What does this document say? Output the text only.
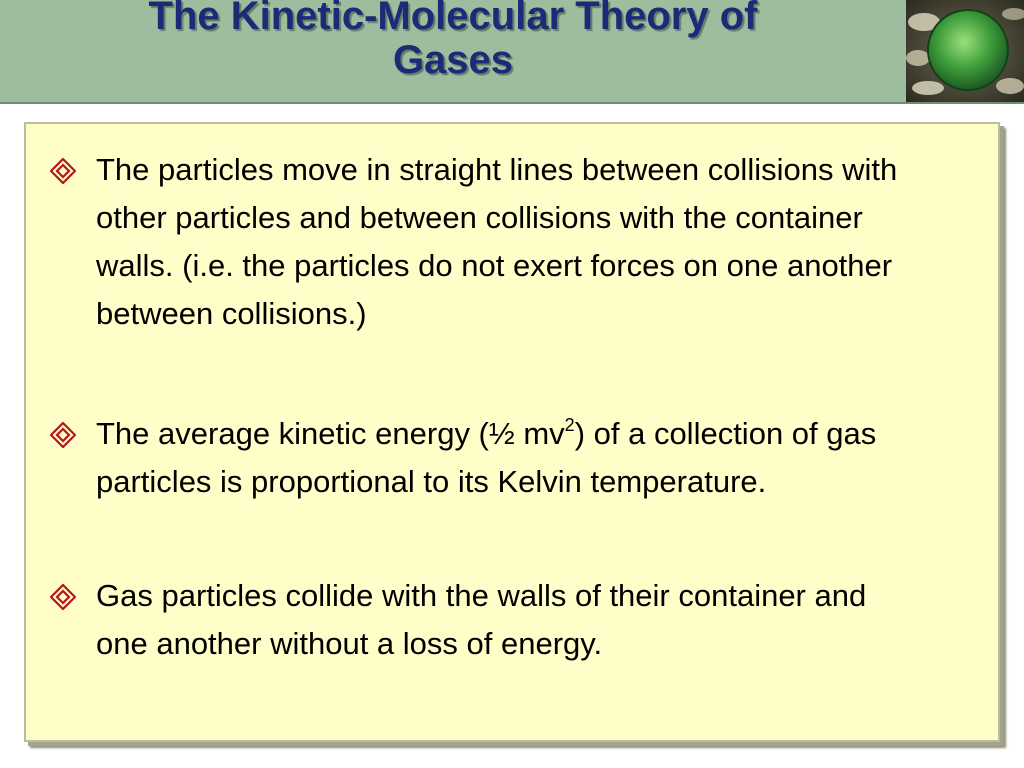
The Kinetic-Molecular Theory of
Gases
The particles move in straight lines between collisions with other particles and between collisions with the container walls. (i.e. the particles do not exert forces on one another between collisions.)
The average kinetic energy (½ $mv^2$) of a collection of gas particles is proportional to its Kelvin temperature.
Gas particles collide with the walls of their container and one another without a loss of energy.
